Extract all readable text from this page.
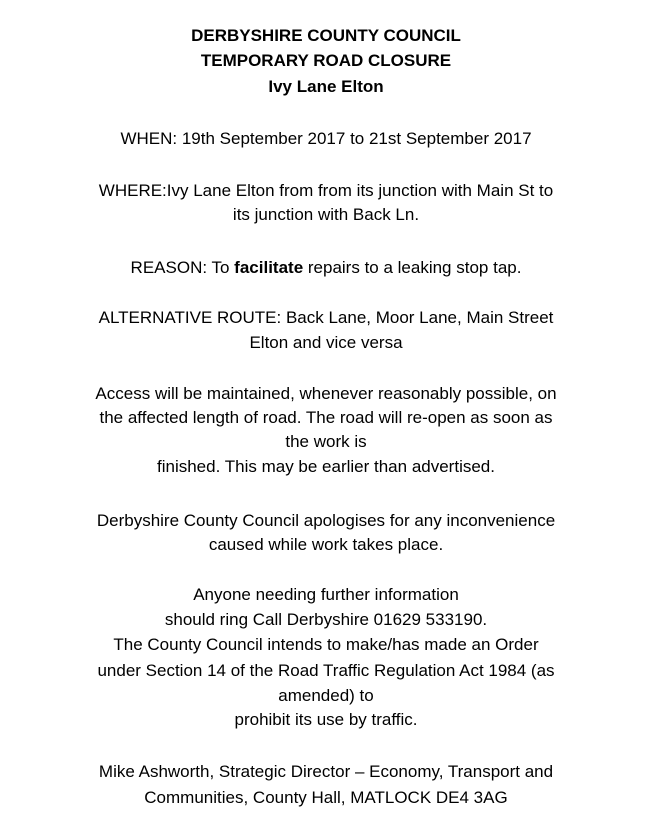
DERBYSHIRE COUNTY COUNCIL
TEMPORARY ROAD CLOSURE
Ivy Lane Elton
WHEN: 19th September 2017 to 21st September 2017
WHERE:Ivy Lane Elton from from its junction with Main St to
its junction with Back Ln.
REASON: To facilitate repairs to a leaking stop tap.
ALTERNATIVE ROUTE: Back Lane, Moor Lane, Main Street
Elton and vice versa
Access will be maintained, whenever reasonably possible, on
the affected length of road. The road will re-open as soon as
the work is
finished. This may be earlier than advertised.
Derbyshire County Council apologises for any inconvenience
caused while work takes place.
Anyone needing further information
should ring Call Derbyshire 01629 533190.
The County Council intends to make/has made an Order
under Section 14 of the Road Traffic Regulation Act 1984 (as
amended) to
prohibit its use by traffic.
Mike Ashworth, Strategic Director – Economy, Transport and
Communities, County Hall, MATLOCK DE4 3AG
